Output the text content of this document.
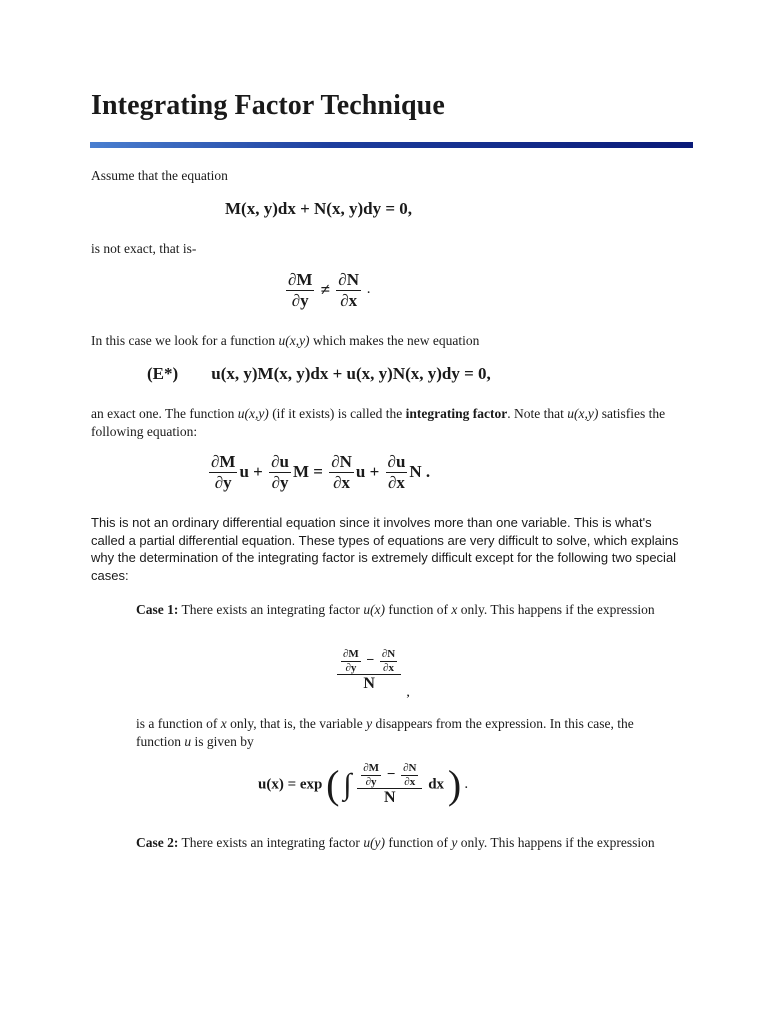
Integrating Factor Technique

Assume that the equation

M(x, y)dx + N(x, y)dy = 0,

is not exact, that is-

$\frac{\partial M}{\partial y} \ne \frac{\partial N}{\partial x}$ .

In this case we look for a function u(x,y) which makes the new equation

(E*) u(x, y)M(x, y)dx + u(x, y)N(x, y)dy = 0,

an exact one. The function u(x,y) (if it exists) is called the integrating factor. Note that u(x,y) satisfies the following equation:

$\frac{\partial M}{\partial y}$ $u + \frac{\partial u}{\partial y}$ $M = \frac{\partial N}{\partial x}$ $u + \frac{\partial u}{\partial x}$ N .

This is not an ordinary differential equation since it involves more than one variable. This is what's called a partial differential equation. These types of equations are very difficult to solve, which explains why the determination of the integrating factor is extremely difficult except for the following two special cases:

Case 1: There exists an integrating factor u(x) function of x only. This happens if the expression

$\frac{\frac{\partial M}{\partial y} - \frac{\partial N}{\partial x}}{N} _,$

is a function of x only, that is, the variable y disappears from the expression. In this case, the function u is given by

u(x) = exp ( ∫ $\frac{\frac{\partial M}{\partial y} - \frac{\partial N}{\partial x}}{N}$ dx ) .

Case 2: There exists an integrating factor u(y) function of y only. This happens if the expression
